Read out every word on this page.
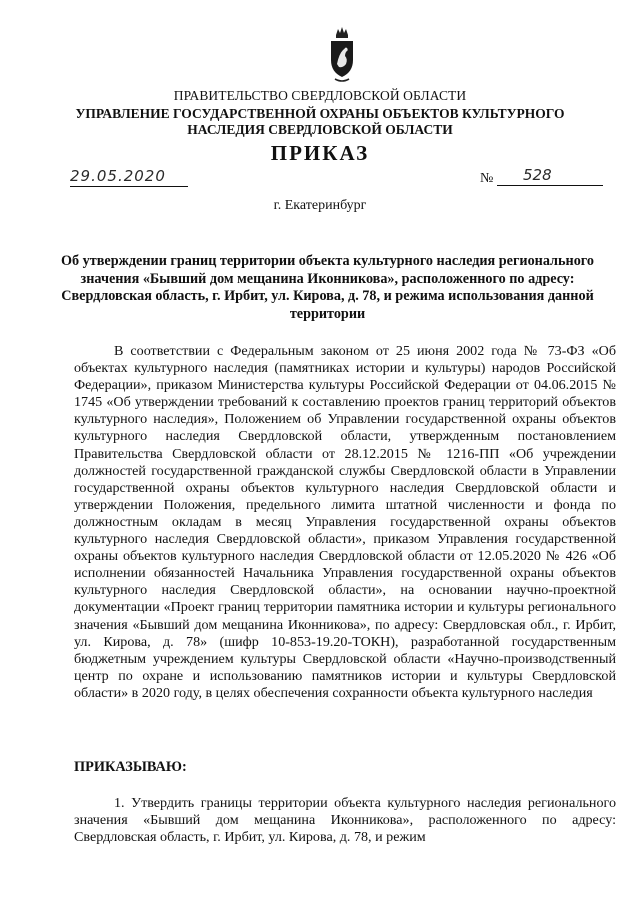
ПРАВИТЕЛЬСТВО СВЕРДЛОВСКОЙ ОБЛАСТИ
УПРАВЛЕНИЕ ГОСУДАРСТВЕННОЙ ОХРАНЫ ОБЪЕКТОВ КУЛЬТУРНОГО НАСЛЕДИЯ СВЕРДЛОВСКОЙ ОБЛАСТИ
ПРИКАЗ
29.05.2020	№	528
г. Екатеринбург
Об утверждении границ территории объекта культурного наследия регионального значения «Бывший дом мещанина Иконникова», расположенного по адресу: Свердловская область, г. Ирбит, ул. Кирова, д. 78, и режима использования данной территории

В соответствии с Федеральным законом от 25 июня 2002 года № 73-ФЗ «Об объектах культурного наследия (памятниках истории и культуры) народов Российской Федерации», приказом Министерства культуры Российской Федерации от 04.06.2015 № 1745 «Об утверждении требований к составлению проектов границ территорий объектов культурного наследия», Положением об Управлении государственной охраны объектов культурного наследия Свердловской области, утвержденным постановлением Правительства Свердловской области от 28.12.2015 № 1216-ПП «Об учреждении должностей государственной гражданской службы Свердловской области в Управлении государственной охраны объектов культурного наследия Свердловской области и утверждении Положения, предельного лимита штатной численности и фонда по должностным окладам в месяц Управления государственной охраны объектов культурного наследия Свердловской области», приказом Управления государственной охраны объектов культурного наследия Свердловской области от 12.05.2020 № 426 «Об исполнении обязанностей Начальника Управления государственной охраны объектов культурного наследия Свердловской области», на основании научно-проектной документации «Проект границ территории памятника истории и культуры регионального значения «Бывший дом мещанина Иконникова», по адресу: Свердловская обл., г. Ирбит, ул. Кирова, д. 78» (шифр 10-853-19.20-ТОКН), разработанной государственным бюджетным учреждением культуры Свердловской области «Научно-производственный центр по охране и использованию памятников истории и культуры Свердловской области» в 2020 году, в целях обеспечения сохранности объекта культурного наследия

ПРИКАЗЫВАЮ:

1. Утвердить границы территории объекта культурного наследия регионального значения «Бывший дом мещанина Иконникова», расположенного по адресу: Свердловская область, г. Ирбит, ул. Кирова, д. 78, и режим
